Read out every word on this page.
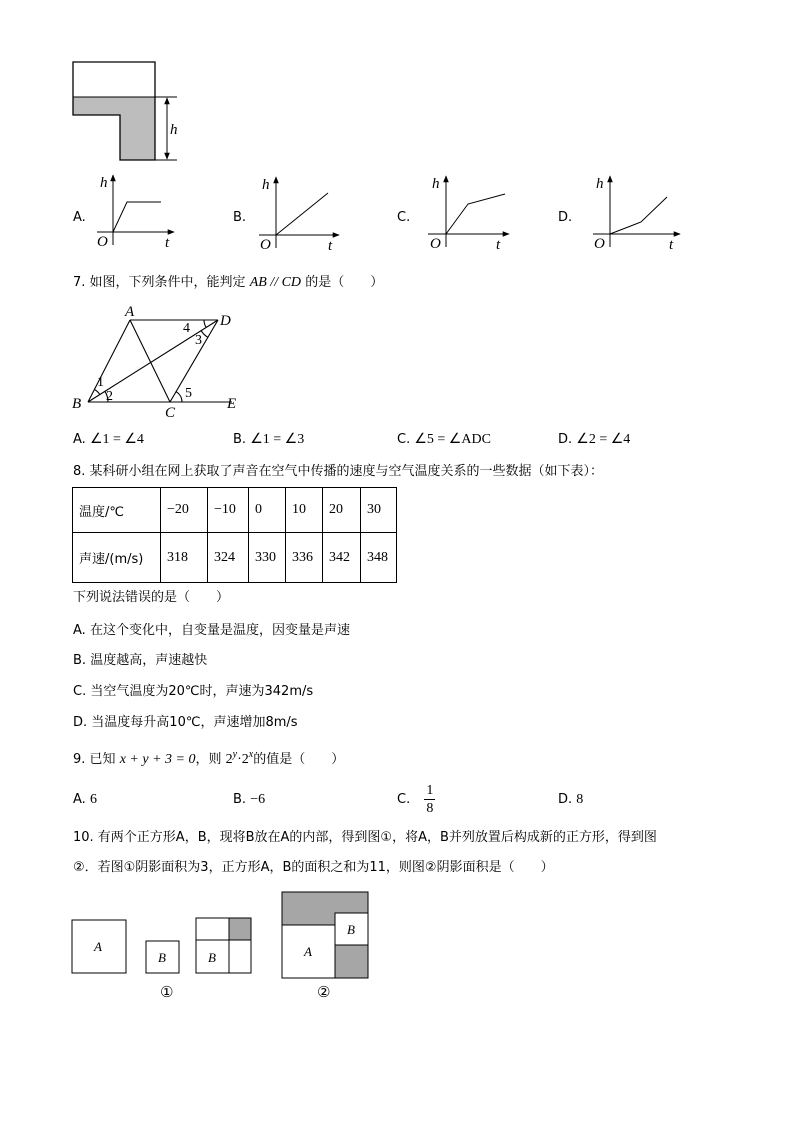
h
A.
h
t
O
B.
h
t
O
C.
h
t
O
D.
h
t
O
A
D
B
C
E
1
2
3
4
5
A
B	B
①
A
B
②
7. 如图，下列条件中，能判定 AB // CD 的是（　　）
A. ∠1 = ∠4	B. ∠1 = ∠3	C. ∠5 = ∠ADC	D. ∠2 = ∠4
8. 某科研小组在网上获取了声音在空气中传播的速度与空气温度关系的一些数据（如下表）：
温度/℃	−20	−10	0	10	20	30
声速/(m/s)	318	324	330	336	342	348
下列说法错误的是（　　）
A. 在这个变化中，自变量是温度，因变量是声速
B. 温度越高，声速越快
C. 当空气温度为20℃时，声速为342m/s
D. 当温度每升高10℃，声速增加8m/s
9. 已知 x + y + 3 = 0，则 $2^y\cdot 2^x$的值是（　　）
A. 6	B. −6	C. $\frac{1}{8}$	D. 8
10. 有两个正方形A，B，现将B放在A的内部，得到图①，将A，B并列放置后构成新的正方形，得到图
②．若图①阴影面积为3，正方形A，B的面积之和为11，则图②阴影面积是（　　）
